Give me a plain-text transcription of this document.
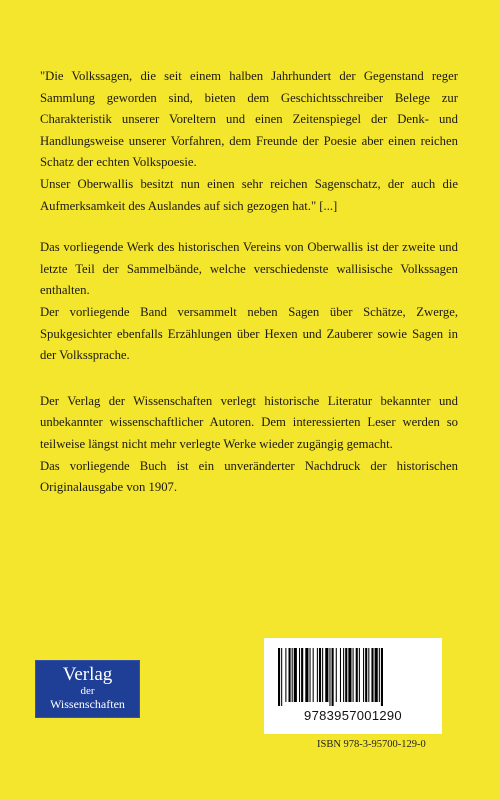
"Die Volkssagen, die seit einem halben Jahrhundert der Gegenstand reger Sammlung geworden sind, bieten dem Geschichtsschreiber Belege zur Charakteristik unserer Voreltern und einen Zeitenspiegel der Denk- und Handlungsweise unserer Vorfahren, dem Freunde der Poesie aber einen reichen Schatz der echten Volkspoesie.

Unser Oberwallis besitzt nun einen sehr reichen Sagenschatz, der auch die Aufmerksamkeit des Auslandes auf sich gezogen hat." [...]

Das vorliegende Werk des historischen Vereins von Oberwallis ist der zweite und letzte Teil der Sammelbände, welche verschiedenste wallisische Volkssagen enthalten.

Der vorliegende Band versammelt neben Sagen über Schätze, Zwerge, Spukgesichter ebenfalls Erzählungen über Hexen und Zauberer sowie Sagen in der Volkssprache.

Der Verlag der Wissenschaften verlegt historische Literatur bekannter und unbekannter wissenschaftlicher Autoren. Dem interessierten Leser werden so teilweise längst nicht mehr verlegte Werke wieder zugängig gemacht.

Das vorliegende Buch ist ein unveränderter Nachdruck der historischen Originalausgabe von 1907.

Verlag
der
Wissenschaften
9783957001290
ISBN 978-3-95700-129-0
